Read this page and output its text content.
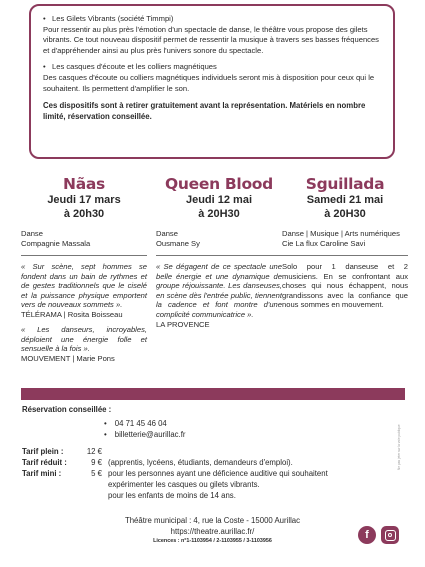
• Les Gilets Vibrants (société Timmpi)

Pour ressentir au plus près l'émotion d'un spectacle de danse, le théâtre vous propose des gilets vibrants. Ce tout nouveau dispositif permet de ressentir la musique à travers ses basses fréquences et d'appréhender ainsi au plus près l'univers sonore du spectacle.

• Les casques d'écoute et les colliers magnétiques

Des casques d'écoute ou colliers magnétiques individuels seront mis à disposition pour ceux qui le souhaitent. Ils permettent d'amplifier le son.

Ces dispositifs sont à retirer gratuitement avant la représentation. Matériels en nombre limité, réservation conseillée.

Nãas
Jeudi 17 mars
à 20h30
Danse
Compagnie Massala
« Sur scène, sept hommes se fondent dans un bain de rythmes et de gestes traditionnels que le ciselé et la puissance physique emportent vers de nouveaux sommets ».
TÉLÉRAMA | Rosita Boisseau
« Les danseurs, incroyables, déploient une énergie folle et sensuelle à la fois ».
MOUVEMENT | Marie Pons
Queen Blood
Jeudi 12 mai
à 20H30
Danse
Ousmane Sy
« Se dégagent de ce spectacle une belle énergie et une dynamique de groupe réjouissante. Les danseuses, en scène dès l'entrée public, tiennent la cadence et font montre d'une complicité communicatrice ».
LA PROVENCE
Sguillada
Samedi 21 mai
à 20H30
Danse | Musique | Arts numériques
Cie La flux Caroline Savi
Solo pour 1 danseuse et 2 musiciens. En se confrontant aux choses qui nous échappent, nous grandissons avec la confiance que nous sommes en mouvement.
Réservation conseillée :
• 04 71 45 46 04
• billetterie@aurillac.fr
Tarif plein :	12 €
Tarif réduit :	9 € (apprentis, lycéens, étudiants, demandeurs d'emploi).
Tarif mini :	5 € pour les personnes ayant une déficience auditive qui souhaitent
expérimenter les casques ou gilets vibrants.
pour les enfants de moins de 14 ans.
Théâtre municipal : 4, rue la Coste - 15000 Aurillac
https://theatre.aurillac.fr/
Licences : n°1-1103954 / 2-1103955 / 3-1103956	f
Ne pas jeter sur la voie publique
